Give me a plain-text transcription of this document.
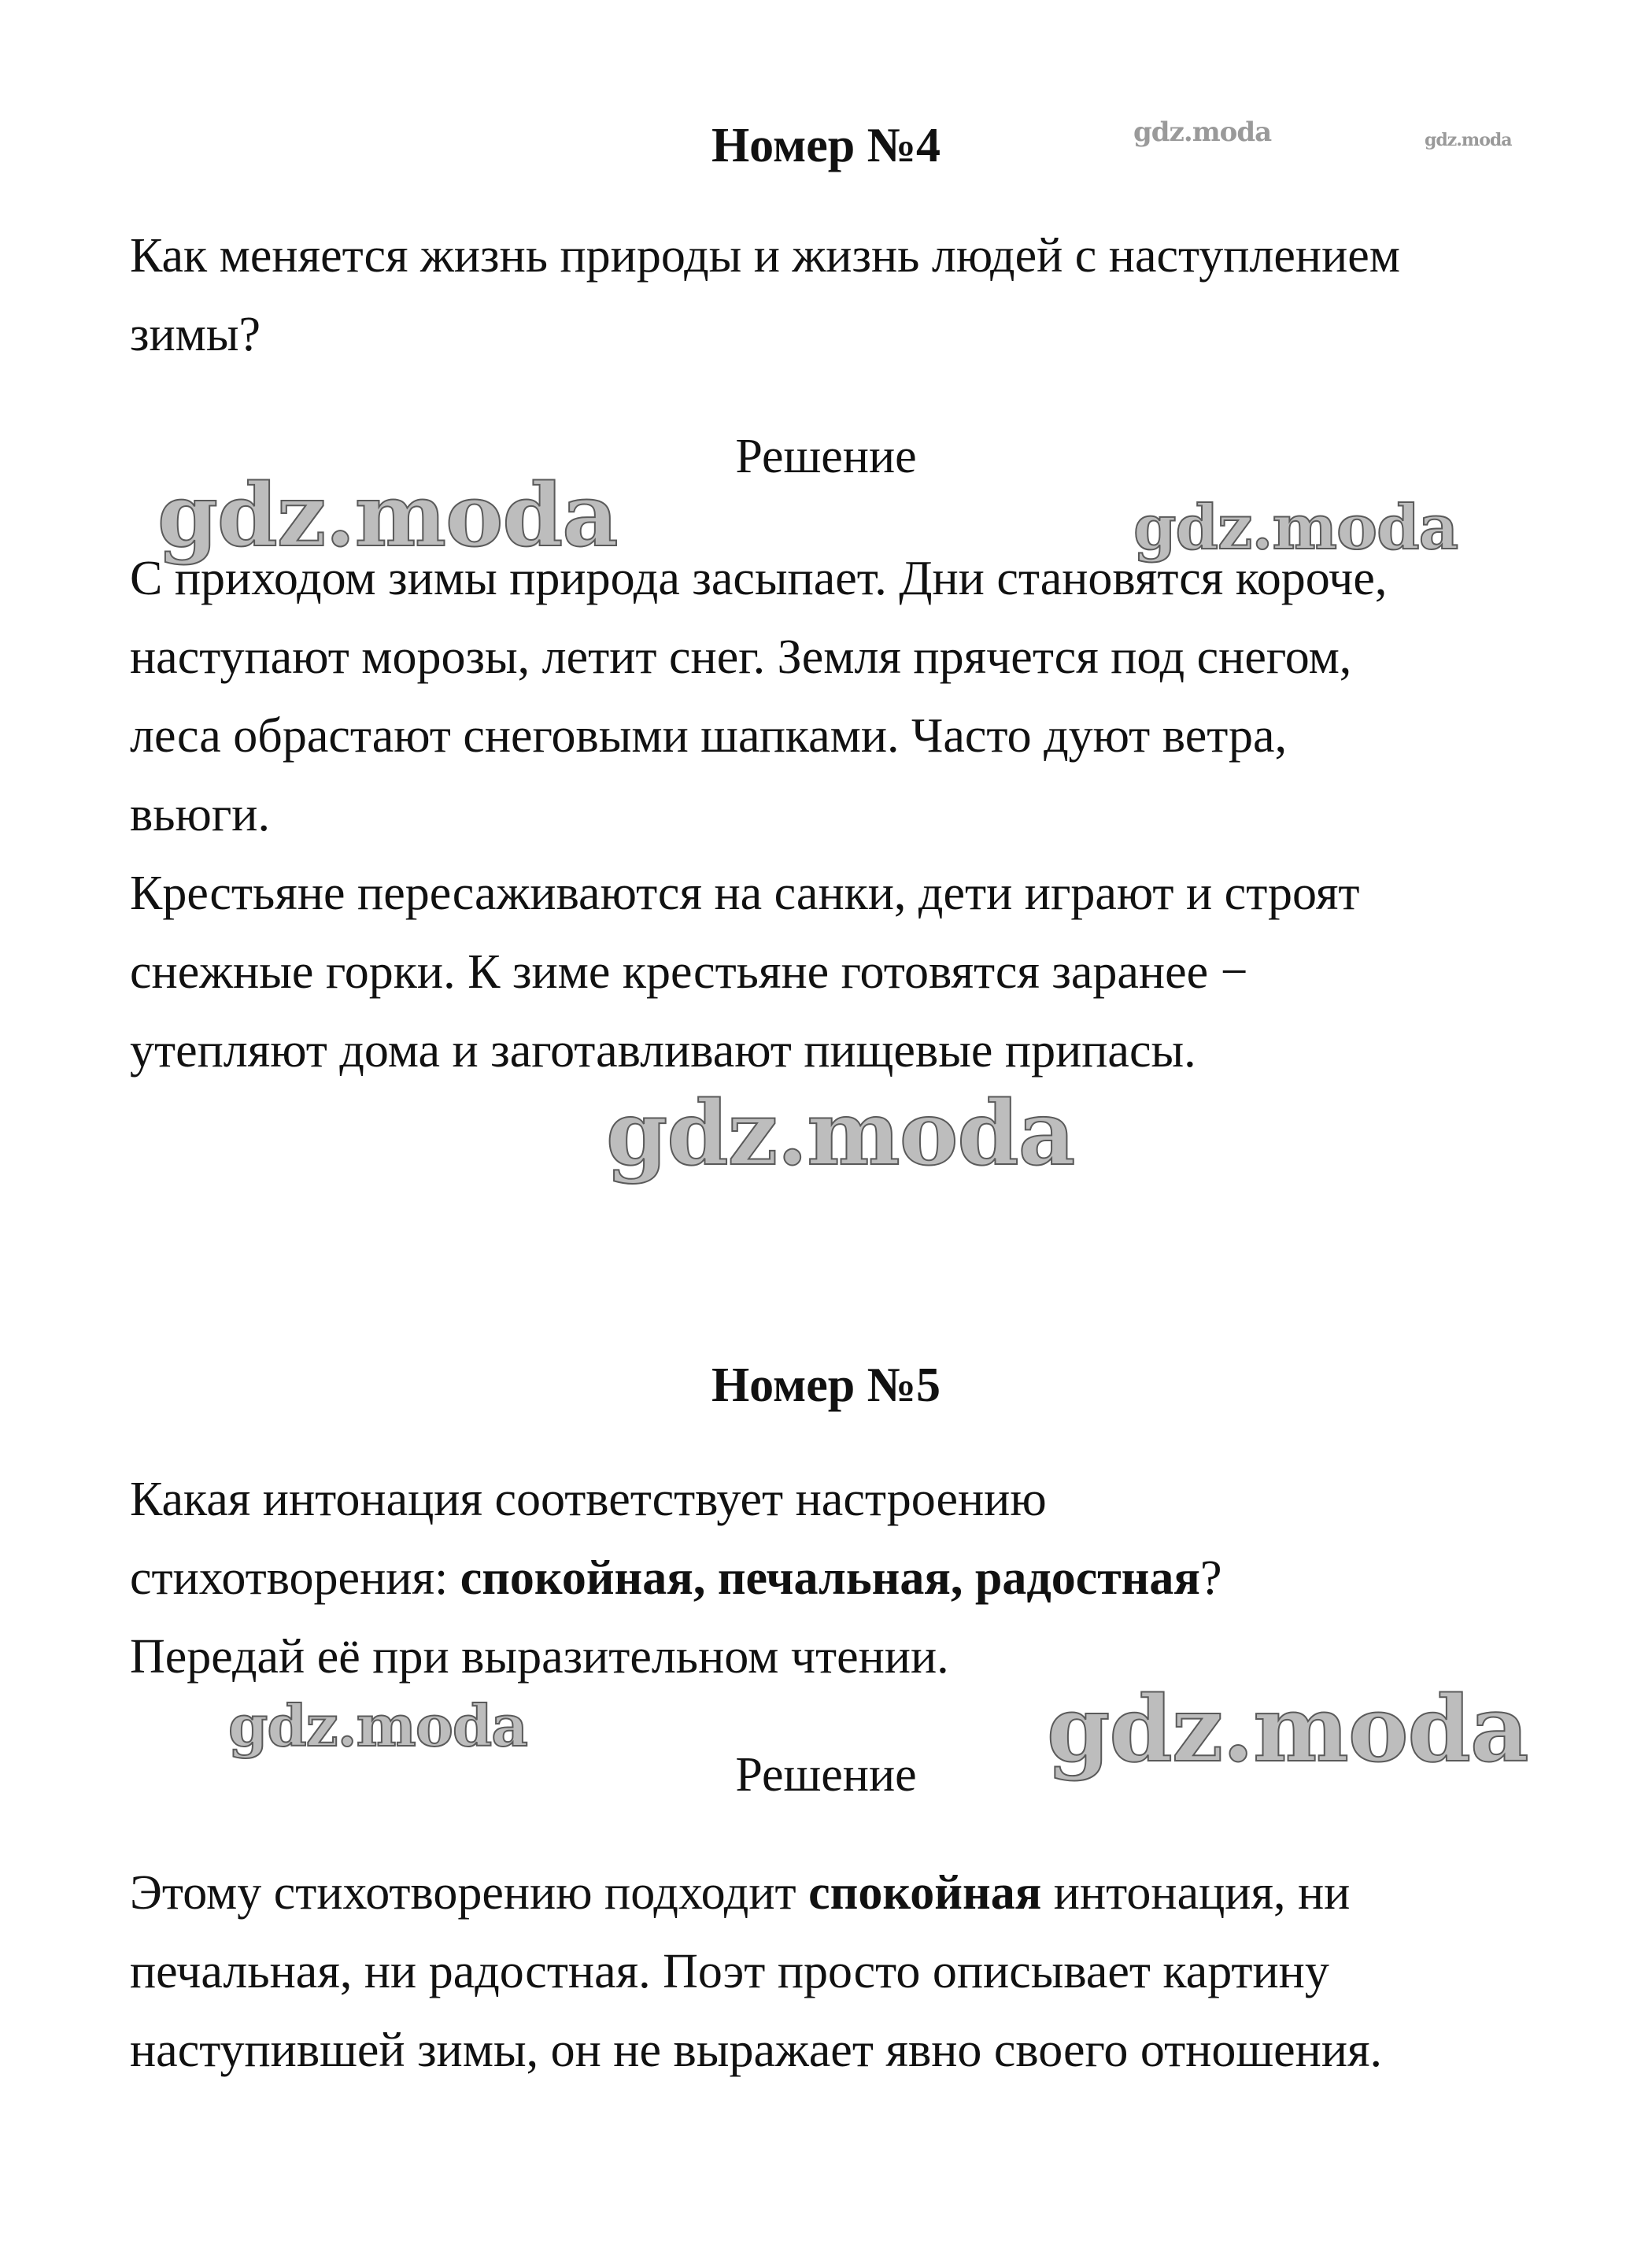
Номер №4

Как меняется жизнь природы и жизнь людей с наступлением
зимы?

Решение

С приходом зимы природа засыпает. Дни становятся короче,
наступают морозы, летит снег. Земля прячется под снегом,
леса обрастают снеговыми шапками. Часто дуют ветра,
вьюги.
Крестьяне пересаживаются на санки, дети играют и строят
снежные горки. К зиме крестьяне готовятся заранее −
утепляют дома и заготавливают пищевые припасы.

Номер №5

Какая интонация соответствует настроению
стихотворения: спокойная, печальная, радостная?
Передай её при выразительном чтении.

Решение

Этому стихотворению подходит спокойная интонация, ни
печальная, ни радостная. Поэт просто описывает картину
наступившей зимы, он не выражает явно своего отношения.

gdz.moda	gdz.moda
gdz.moda	gdz.moda
gdz.moda
gdz.moda	gdz.moda
